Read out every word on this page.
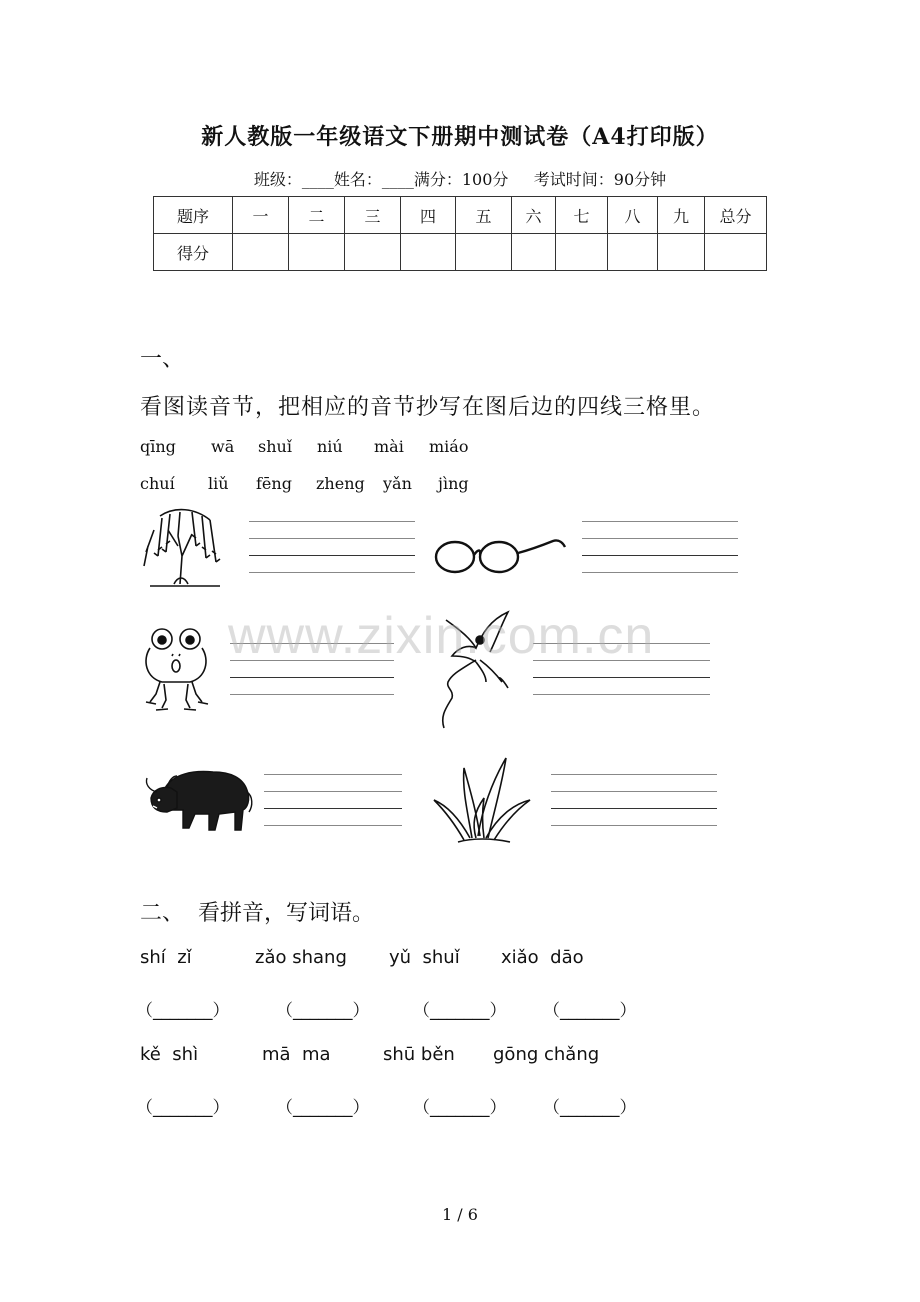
新人教版一年级语文下册期中测试卷（A4打印版）
班级：____姓名：____满分：100分     考试时间：90分钟
题序	一	二	三	四	五	六	七	八	九	总分
得分										
一、
看图读音节，把相应的音节抄写在图后边的四线三格里。
qīng wā shuǐ niú mài miáo
chuí liǔ fēng zheng yǎn jìng
www.zixin.com.cn
二、  看拼音，写词语。
shí  zǐ	zǎo shang yǔ  shuǐ xiǎo  dāo
（_______）	（_______）	（_______） （_______）
kě  shì	mā  ma	shū běn gōng chǎng
（_______）	（_______）	（_______） （_______）
1 / 6
